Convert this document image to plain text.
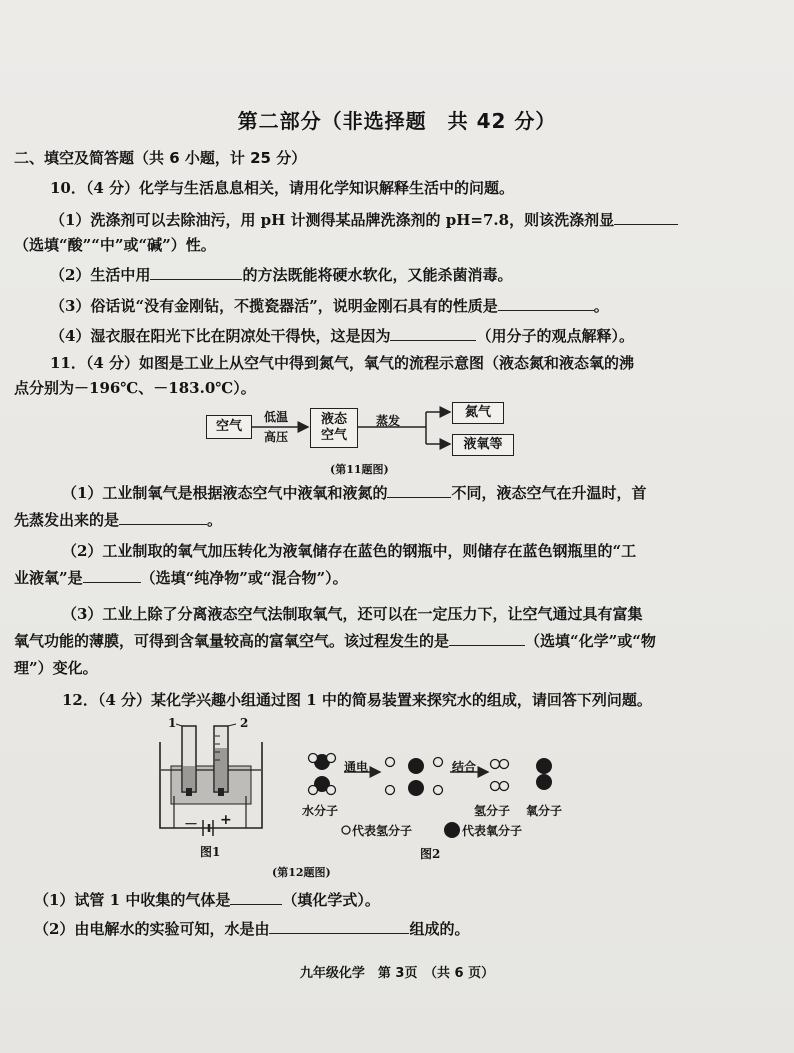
第二部分（非选择题　共 42 分）
二、填空及简答题（共 6 小题，计 25 分）
10．（4 分）化学与生活息息相关，请用化学知识解释生活中的问题。
（1）洗涤剂可以去除油污，用 pH 计测得某品牌洗涤剂的 pH=7.8，则该洗涤剂显
（选填“酸”“中”或“碱”）性。
（2）生活中用	的方法既能将硬水软化，又能杀菌消毒。
（3）俗话说“没有金刚钻，不揽瓷器活”，说明金刚石具有的性质是	。
（4）湿衣服在阳光下比在阴凉处干得快，这是因为	（用分子的观点解释）。
11．（4 分）如图是工业上从空气中得到氮气，氧气的流程示意图（液态氮和液态氧的沸
点分别为－196℃、－183.0℃）。
空气
低温
高压
液态
空气
蒸发
氮气
液氧等
(第11题图)
（1）工业制氧气是根据液态空气中液氧和液氮的	不同，液态空气在升温时，首
先蒸发出来的是	。
（2）工业制取的氧气加压转化为液氧储存在蓝色的钢瓶中，则储存在蓝色钢瓶里的“工
业液氧”是	（选填“纯净物”或“混合物”）。
（3）工业上除了分离液态空气法制取氧气，还可以在一定压力下，让空气通过具有富集
氧气功能的薄膜，可得到含氧量较高的富氧空气。该过程发生的是	（选填“化学”或“物
理”）变化。
12．（4 分）某化学兴趣小组通过图 1 中的简易装置来探究水的组成，请回答下列问题。
1	2
－ +
图1
通电	结合
水分子	氢分子 氧分子
代表氢分子	代表氧分子
图2
(第12题图)
（1）试管 1 中收集的气体是	（填化学式）。
（2）由电解水的实验可知，水是由	组成的。
九年级化学　第 3页　（共 6 页）
